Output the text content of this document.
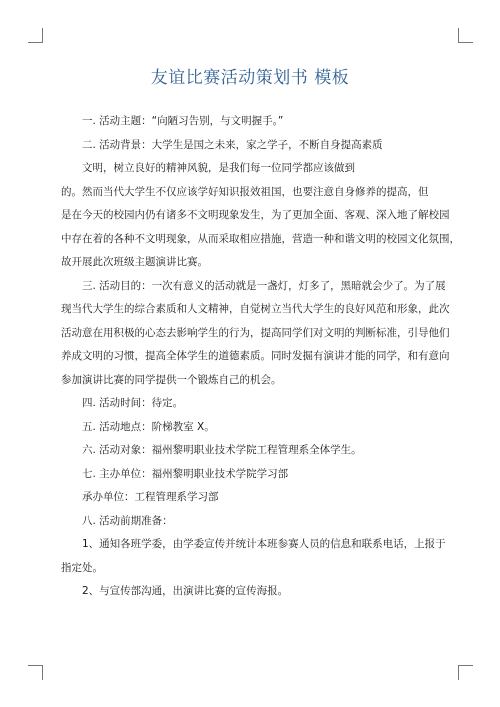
友谊比赛活动策划书 模板

一. 活动主题：“向陋习告别，与文明握手。”

二. 活动背景：大学生是国之未来，家之学子，不断自身提高素质

文明，树立良好的精神风貌，是我们每一位同学都应该做到

的。然而当代大学生不仅应该学好知识报效祖国，也要注意自身修养的提高，但

是在今天的校园内仍有诸多不文明现象发生，为了更加全面、客观、深入地了解校园

中存在着的各种不文明现象，从而采取相应措施，营造一种和谐文明的校园文化氛围，

故开展此次班级主题演讲比赛。

三. 活动目的：一次有意义的活动就是一盏灯，灯多了，黑暗就会少了。为了展

现当代大学生的综合素质和人文精神，自觉树立当代大学生的良好风范和形象，此次

活动意在用积极的心态去影响学生的行为，提高同学们对文明的判断标准，引导他们

养成文明的习惯，提高全体学生的道德素质。同时发掘有演讲才能的同学，和有意向

参加演讲比赛的同学提供一个锻炼自己的机会。

四. 活动时间：待定。

五. 活动地点：阶梯教室 X。

六. 活动对象：福州黎明职业技术学院工程管理系全体学生。

七. 主办单位：福州黎明职业技术学院学习部

承办单位：工程管理系学习部

八. 活动前期准备：

1、通知各班学委，由学委宣传并统计本班参赛人员的信息和联系电话，上报于

指定处。

2、与宣传部沟通，出演讲比赛的宣传海报。
